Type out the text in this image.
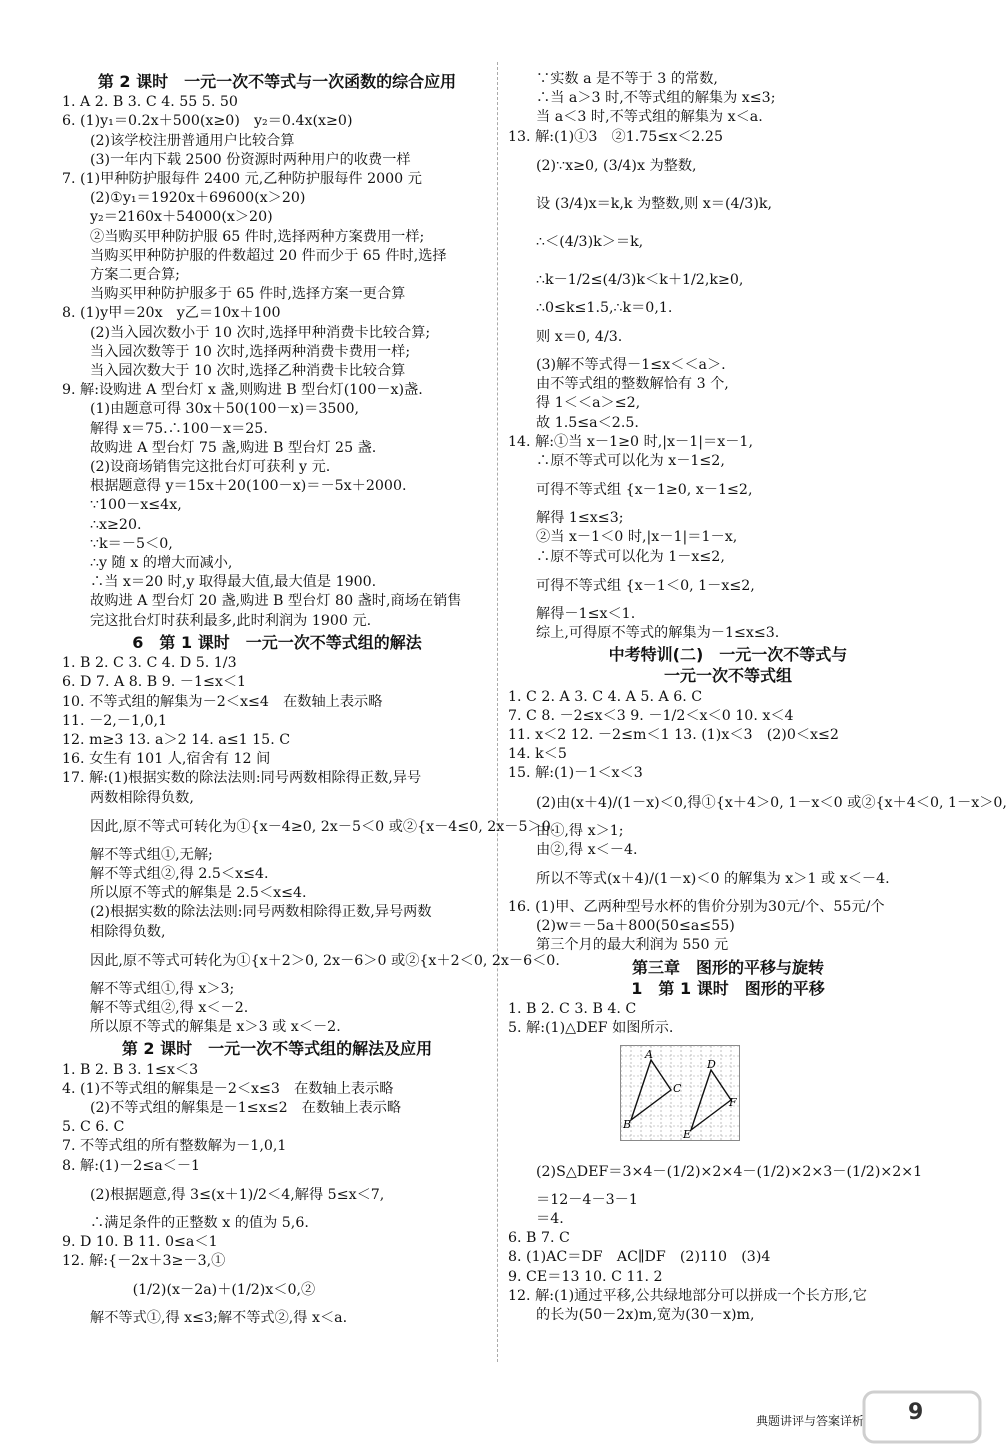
第 2 课时　一元一次不等式与一次函数的综合应用
1. A 2. B 3. C 4. 55 5. 50
6. (1)y₁＝0.2x＋500(x≥0)　y₂＝0.4x(x≥0)
(2)该学校注册普通用户比较合算
(3)一年内下载 2500 份资源时两种用户的收费一样
7. (1)甲种防护服每件 2400 元,乙种防护服每件 2000 元
(2)①y₁＝1920x＋69600(x＞20)
y₂＝2160x＋54000(x＞20)
②当购买甲种防护服 65 件时,选择两种方案费用一样;
当购买甲种防护服的件数超过 20 件而少于 65 件时,选择
方案二更合算;
当购买甲种防护服多于 65 件时,选择方案一更合算
8. (1)y甲＝20x　y乙＝10x＋100
(2)当入园次数小于 10 次时,选择甲种消费卡比较合算;
当入园次数等于 10 次时,选择两种消费卡费用一样;
当入园次数大于 10 次时,选择乙种消费卡比较合算
9. 解:设购进 A 型台灯 x 盏,则购进 B 型台灯(100－x)盏.
(1)由题意可得 30x＋50(100－x)＝3500,
解得 x＝75.∴100－x＝25.
故购进 A 型台灯 75 盏,购进 B 型台灯 25 盏.
(2)设商场销售完这批台灯可获利 y 元.
根据题意得 y＝15x＋20(100－x)＝－5x＋2000.
∵100－x≤4x,
∴x≥20.
∵k＝－5＜0,
∴y 随 x 的增大而减小,
∴当 x＝20 时,y 取得最大值,最大值是 1900.
故购进 A 型台灯 20 盏,购进 B 型台灯 80 盏时,商场在销售
完这批台灯时获利最多,此时利润为 1900 元.
6　第 1 课时　一元一次不等式组的解法
1. B 2. C 3. C 4. D 5. 1/3
6. D 7. A 8. B 9. －1≤x＜1
10. 不等式组的解集为－2＜x≤4　在数轴上表示略
11. －2,－1,0,1
12. m≥3 13. a＞2 14. a≤1 15. C
16. 女生有 101 人,宿舍有 12 间
17. 解:(1)根据实数的除法法则:同号两数相除得正数,异号
两数相除得负数,
因此,原不等式可转化为①{x－4≥0, 2x－5＜0 或②{x－4≤0, 2x－5＞0.
解不等式组①,无解;
解不等式组②,得 2.5＜x≤4.
所以原不等式的解集是 2.5＜x≤4.
(2)根据实数的除法法则:同号两数相除得正数,异号两数
相除得负数,
因此,原不等式可转化为①{x＋2＞0, 2x－6＞0 或②{x＋2＜0, 2x－6＜0.
解不等式组①,得 x＞3;
解不等式组②,得 x＜－2.
所以原不等式的解集是 x＞3 或 x＜－2.
第 2 课时　一元一次不等式组的解法及应用
1. B 2. B 3. 1≤x＜3
4. (1)不等式组的解集是－2＜x≤3　在数轴上表示略
(2)不等式组的解集是－1≤x≤2　在数轴上表示略
5. C 6. C
7. 不等式组的所有整数解为－1,0,1
8. 解:(1)－2≤a＜－1
(2)根据题意,得 3≤(x＋1)/2＜4,解得 5≤x＜7,
∴满足条件的正整数 x 的值为 5,6.
9. D 10. B 11. 0≤a＜1
12. 解:{－2x＋3≥－3,①
　　　(1/2)(x－2a)＋(1/2)x＜0,②
解不等式①,得 x≤3;解不等式②,得 x＜a.
∵实数 a 是不等于 3 的常数,
∴当 a＞3 时,不等式组的解集为 x≤3;
当 a＜3 时,不等式组的解集为 x＜a.
13. 解:(1)①3　②1.75≤x＜2.25
(2)∵x≥0, (3/4)x 为整数,
设 (3/4)x＝k,k 为整数,则 x＝(4/3)k,
∴＜(4/3)k＞＝k,
∴k－1/2≤(4/3)k＜k＋1/2,k≥0,
∴0≤k≤1.5,∴k＝0,1.
则 x＝0, 4/3.
(3)解不等式得－1≤x＜＜a＞.
由不等式组的整数解恰有 3 个,
得 1＜＜a＞≤2,
故 1.5≤a＜2.5.
14. 解:①当 x－1≥0 时,|x－1|＝x－1,
∴原不等式可以化为 x－1≤2,
可得不等式组 {x－1≥0, x－1≤2,
解得 1≤x≤3;
②当 x－1＜0 时,|x－1|＝1－x,
∴原不等式可以化为 1－x≤2,
可得不等式组 {x－1＜0, 1－x≤2,
解得－1≤x＜1.
综上,可得原不等式的解集为－1≤x≤3.
中考特训(二)　一元一次不等式与
一元一次不等式组
1. C 2. A 3. C 4. A 5. A 6. C
7. C 8. －2≤x＜3 9. －1/2＜x＜0 10. x＜4
11. x＜2 12. －2≤m＜1 13. (1)x＜3　(2)0＜x≤2
14. k＜5
15. 解:(1)－1＜x＜3
(2)由(x＋4)/(1－x)＜0,得①{x＋4＞0, 1－x＜0 或②{x＋4＜0, 1－x＞0,
由①,得 x＞1;
由②,得 x＜－4.
所以不等式(x＋4)/(1－x)＜0 的解集为 x＞1 或 x＜－4.
16. (1)甲、乙两种型号水杯的售价分别为30元/个、55元/个
(2)w＝－5a＋800(50≤a≤55)
第三个月的最大利润为 550 元
第三章　图形的平移与旋转
1　第 1 课时　图形的平移
1. B 2. C 3. B 4. C
5. 解:(1)△DEF 如图所示.
A
B
C
D
E
F
(2)S△DEF＝3×4－(1/2)×2×4－(1/2)×2×3－(1/2)×2×1
＝12－4－3－1
＝4.
6. B 7. C
8. (1)AC＝DF　AC∥DF　(2)110　(3)4
9. CE＝13 10. C 11. 2
12. 解:(1)通过平移,公共绿地部分可以拼成一个长方形,它
的长为(50－2x)m,宽为(30－x)m,
典题讲评与答案详析 9
